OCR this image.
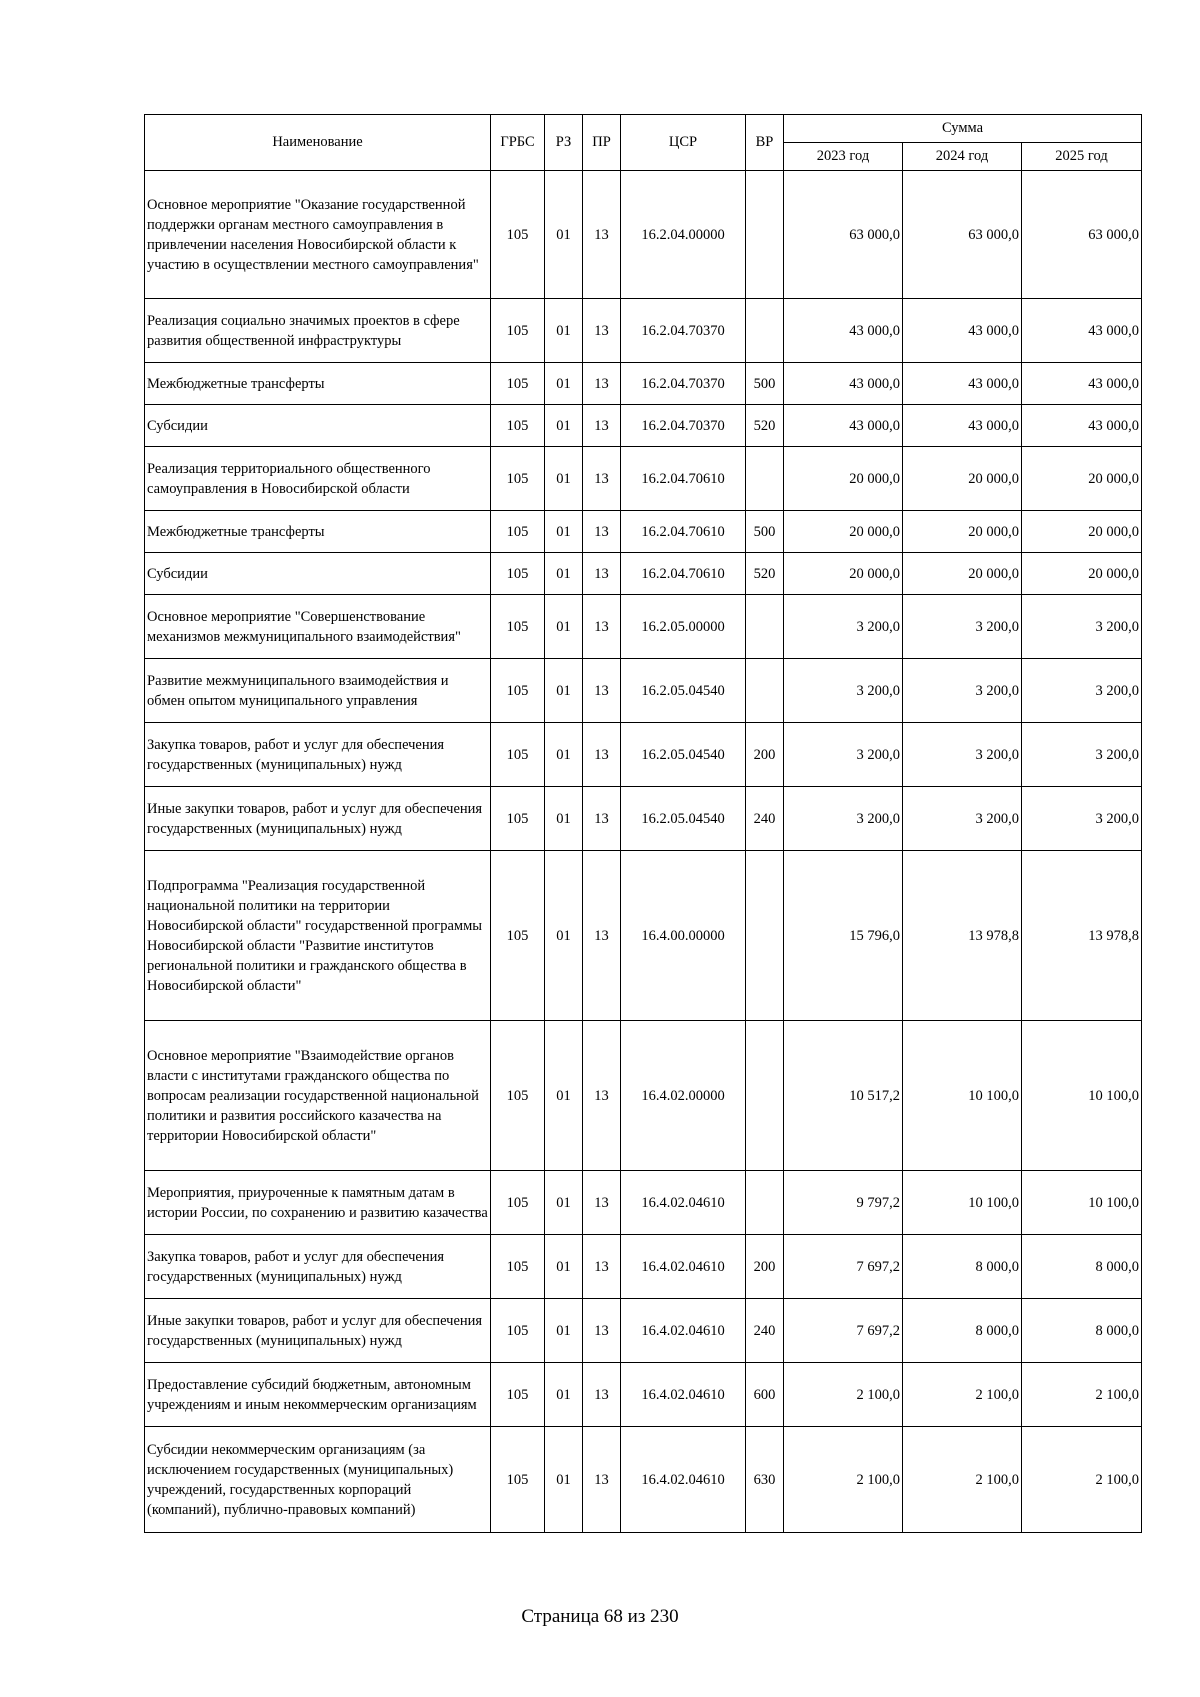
Наименование	ГРБС	РЗ	ПР	ЦСР	ВР	Сумма		
						2023 год	2024 год	2025 год
Основное мероприятие "Оказание государственной поддержки органам местного самоуправления в привлечении населения Новосибирской области к участию в осуществлении местного самоуправления"	105	01	13	16.2.04.00000		63 000,0	63 000,0	63 000,0
Реализация социально значимых проектов в сфере развития общественной инфраструктуры	105	01	13	16.2.04.70370		43 000,0	43 000,0	43 000,0
Межбюджетные трансферты	105	01	13	16.2.04.70370	500	43 000,0	43 000,0	43 000,0
Субсидии	105	01	13	16.2.04.70370	520	43 000,0	43 000,0	43 000,0
Реализация территориального общественного самоуправления в Новосибирской области	105	01	13	16.2.04.70610		20 000,0	20 000,0	20 000,0
Межбюджетные трансферты	105	01	13	16.2.04.70610	500	20 000,0	20 000,0	20 000,0
Субсидии	105	01	13	16.2.04.70610	520	20 000,0	20 000,0	20 000,0
Основное мероприятие "Совершенствование механизмов межмуниципального взаимодействия"	105	01	13	16.2.05.00000		3 200,0	3 200,0	3 200,0
Развитие межмуниципального взаимодействия и обмен опытом муниципального управления	105	01	13	16.2.05.04540		3 200,0	3 200,0	3 200,0
Закупка товаров, работ и услуг для обеспечения государственных (муниципальных) нужд	105	01	13	16.2.05.04540	200	3 200,0	3 200,0	3 200,0
Иные закупки товаров, работ и услуг для обеспечения государственных (муниципальных) нужд	105	01	13	16.2.05.04540	240	3 200,0	3 200,0	3 200,0
Подпрограмма "Реализация государственной национальной политики на территории Новосибирской области" государственной программы Новосибирской области "Развитие институтов региональной политики и гражданского общества в Новосибирской области"	105	01	13	16.4.00.00000		15 796,0	13 978,8	13 978,8
Основное мероприятие "Взаимодействие органов власти с институтами гражданского общества по вопросам реализации государственной национальной политики и развития российского казачества на территории Новосибирской области"	105	01	13	16.4.02.00000		10 517,2	10 100,0	10 100,0
Мероприятия, приуроченные к памятным датам в истории России, по сохранению и развитию казачества	105	01	13	16.4.02.04610		9 797,2	10 100,0	10 100,0
Закупка товаров, работ и услуг для обеспечения государственных (муниципальных) нужд	105	01	13	16.4.02.04610	200	7 697,2	8 000,0	8 000,0
Иные закупки товаров, работ и услуг для обеспечения государственных (муниципальных) нужд	105	01	13	16.4.02.04610	240	7 697,2	8 000,0	8 000,0
Предоставление субсидий бюджетным, автономным учреждениям и иным некоммерческим организациям	105	01	13	16.4.02.04610	600	2 100,0	2 100,0	2 100,0
Субсидии некоммерческим организациям (за исключением государственных (муниципальных) учреждений, государственных корпораций (компаний), публично-правовых компаний)	105	01	13	16.4.02.04610	630	2 100,0	2 100,0	2 100,0
Страница 68 из 230
